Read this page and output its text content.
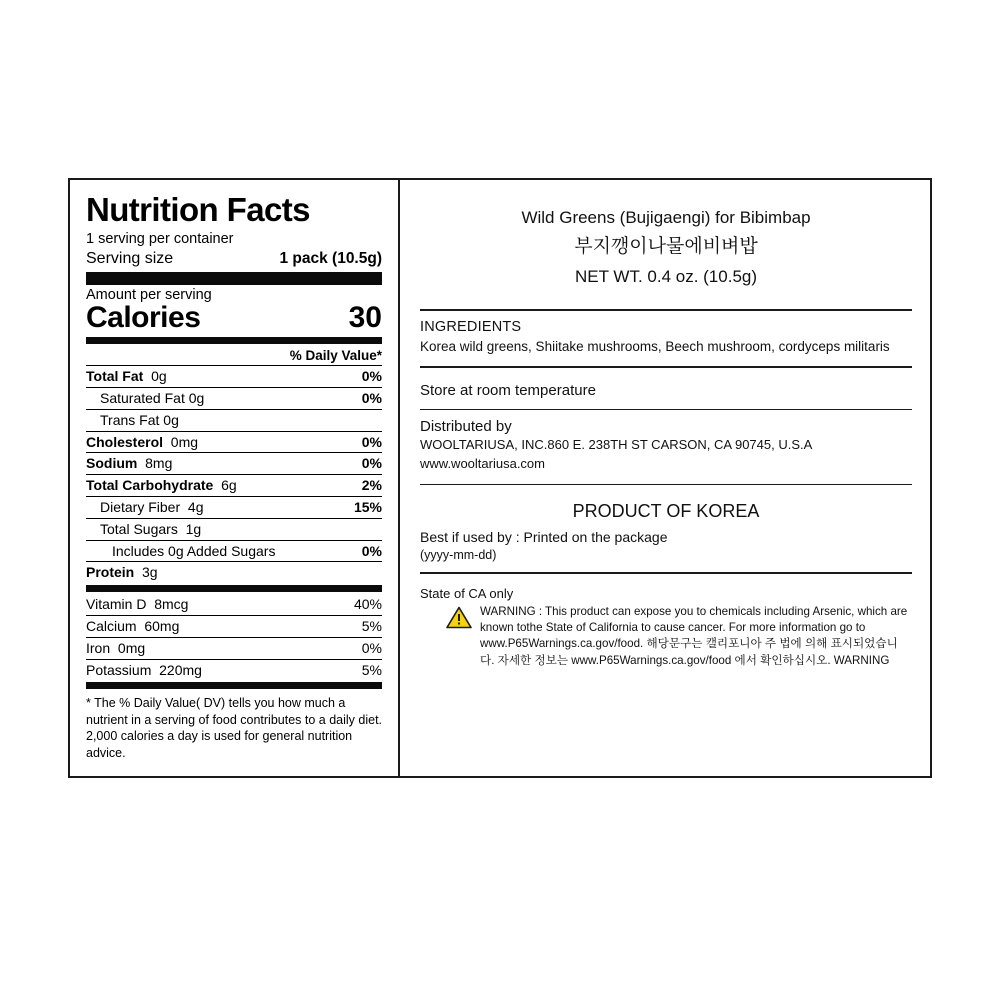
Nutrition Facts
1 serving per container
Serving size	1 pack (10.5g)
Amount per serving
Calories	30
% Daily Value*
Total Fat 0g	0%
Saturated Fat 0g	0%
Trans Fat 0g
Cholesterol 0mg	0%
Sodium 8mg	0%
Total Carbohydrate 6g	2%
Dietary Fiber 4g	15%
Total Sugars 1g
Includes 0g Added Sugars	0%
Protein 3g
Vitamin D 8mcg	40%
Calcium 60mg	5%
Iron 0mg	0%
Potassium 220mg	5%
* The % Daily Value( DV) tells you how much a nutrient in a serving of food contributes to a daily diet. 2,000 calories a day is used for general nutrition advice.
Wild Greens (Bujigaengi) for Bibimbap
부지깽이나물에비벼밥
NET WT. 0.4 oz. (10.5g)
INGREDIENTS
Korea wild greens, Shiitake mushrooms, Beech mushroom, cordyceps militaris
Store at room temperature
Distributed by
WOOLTARIUSA, INC.860 E. 238TH ST CARSON, CA 90745, U.S.A
www.wooltariusa.com
PRODUCT OF KOREA
Best if used by : Printed on the package
(yyyy-mm-dd)
State of CA only
WARNING : This product can expose you to chemicals including Arsenic, which are known tothe State of California to cause cancer. For more information go to www.P65Warnings.ca.gov/food. 해당문구는 캘리포니아 주 법에 의해 표시되었습니다. 자세한 정보는 www.P65Warnings.ca.gov/food 에서 확인하십시오. WARNING
